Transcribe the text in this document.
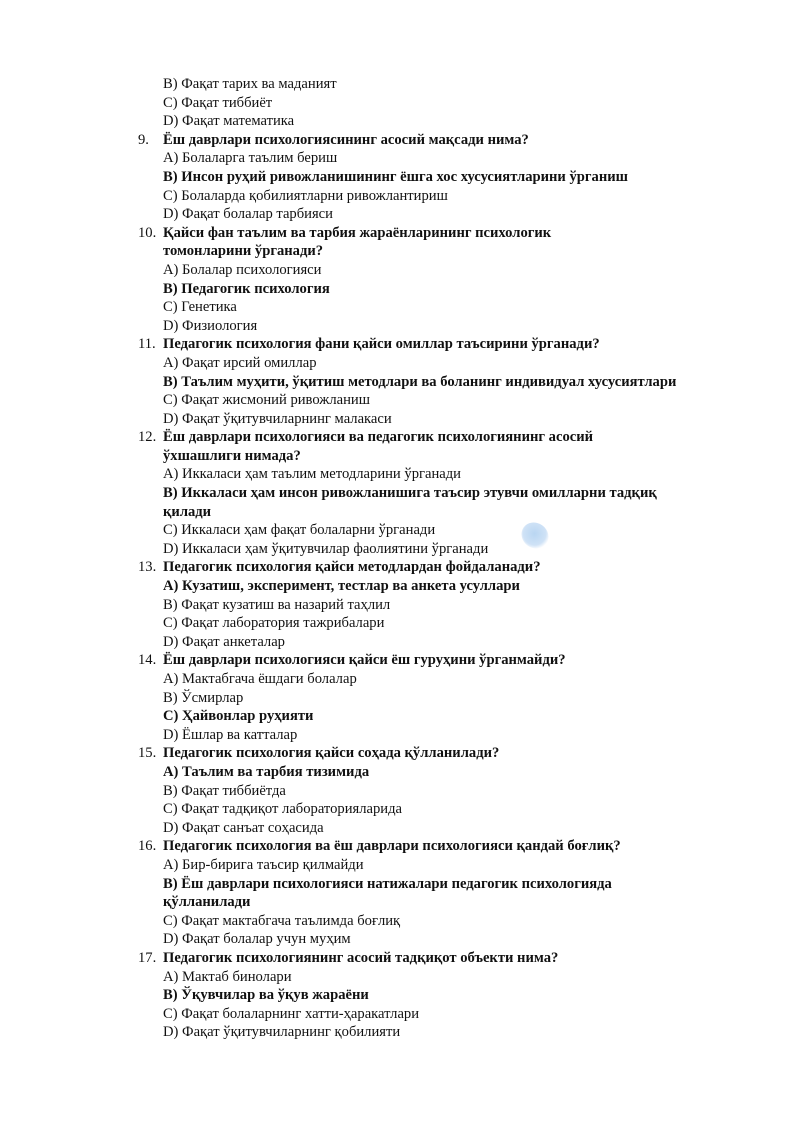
B) Фақат тарих ва маданият
C) Фақат тиббиёт
D) Фақат математика
9. Ёш даврлари психологиясининг асосий мақсади нима?
A) Болаларга таълим бериш
B) Инсон руҳий ривожланишининг ёшга хос хусусиятларини ўрганиш
C) Болаларда қобилиятларни ривожлантириш
D) Фақат болалар тарбияси
10. Қайси фан таълим ва тарбия жараёнларининг психологик
томонларини ўрганади?
A) Болалар психологияси
B) Педагогик психология
C) Генетика
D) Физиология
11. Педагогик психология фани қайси омиллар таъсирини ўрганади?
A) Фақат ирсий омиллар
B) Таълим муҳити, ўқитиш методлари ва боланинг индивидуал хусусиятлари
C) Фақат жисмоний ривожланиш
D) Фақат ўқитувчиларнинг малакаси
12. Ёш даврлари психологияси ва педагогик психологиянинг асосий
ўхшашлиги нимада?
A) Иккаласи ҳам таълим методларини ўрганади
B) Иккаласи ҳам инсон ривожланишига таъсир этувчи омилларни тадқиқ
қилади
C) Иккаласи ҳам фақат болаларни ўрганади
D) Иккаласи ҳам ўқитувчилар фаолиятини ўрганади
13. Педагогик психология қайси методлардан фойдаланади?
A) Кузатиш, эксперимент, тестлар ва анкета усуллари
B) Фақат кузатиш ва назарий таҳлил
C) Фақат лаборатория тажрибалари
D) Фақат анкеталар
14. Ёш даврлари психологияси қайси ёш гуруҳини ўрганмайди?
A) Мактабгача ёшдаги болалар
B) Ўсмирлар
C) Ҳайвонлар руҳияти
D) Ёшлар ва катталар
15. Педагогик психология қайси соҳада қўлланилади?
A) Таълим ва тарбия тизимида
B) Фақат тиббиётда
C) Фақат тадқиқот лабораторияларида
D) Фақат санъат соҳасида
16. Педагогик психология ва ёш даврлари психологияси қандай боғлиқ?
A) Бир-бирига таъсир қилмайди
B) Ёш даврлари психологияси натижалари педагогик психологияда
қўлланилади
C) Фақат мактабгача таълимда боғлиқ
D) Фақат болалар учун муҳим
17. Педагогик психологиянинг асосий тадқиқот объекти нима?
A) Мактаб бинолари
B) Ўқувчилар ва ўқув жараёни
C) Фақат болаларнинг хатти-ҳаракатлари
D) Фақат ўқитувчиларнинг қобилияти
